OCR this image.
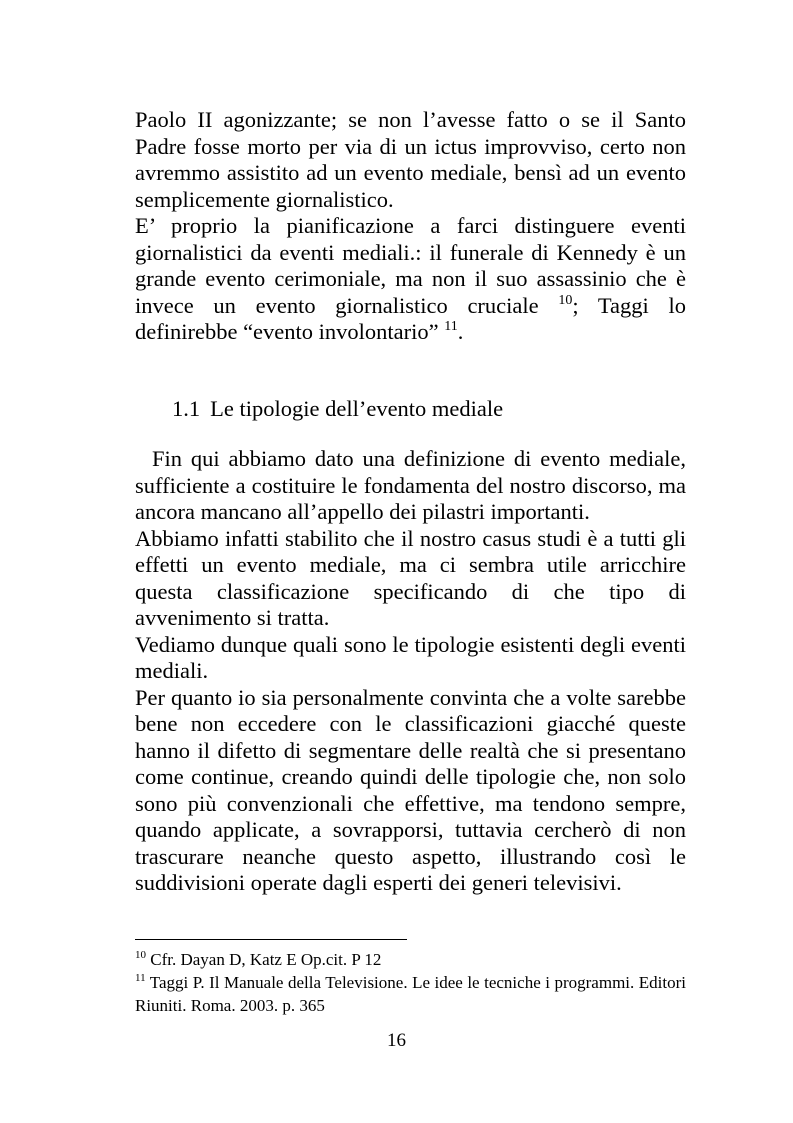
Paolo II agonizzante; se non l’avesse fatto o se il Santo Padre fosse morto per via di un ictus improvviso, certo non avremmo assistito ad un evento mediale, bensì ad un evento semplicemente giornalistico.

E’ proprio la pianificazione a farci distinguere eventi giornalistici da eventi mediali.: il funerale di Kennedy è un grande evento cerimoniale, ma non il suo assassinio che è invece un evento giornalistico cruciale $^{10}$; Taggi lo definirebbe “evento involontario” $^{11}$.

1.1 Le tipologie dell’evento mediale

Fin qui abbiamo dato una definizione di evento mediale, sufficiente a costituire le fondamenta del nostro discorso, ma ancora mancano all’appello dei pilastri importanti.

Abbiamo infatti stabilito che il nostro casus studi è a tutti gli effetti un evento mediale, ma ci sembra utile arricchire questa classificazione specificando di che tipo di avvenimento si tratta.

Vediamo dunque quali sono le tipologie esistenti degli eventi mediali.

Per quanto io sia personalmente convinta che a volte sarebbe bene non eccedere con le classificazioni giacché queste hanno il difetto di segmentare delle realtà che si presentano come continue, creando quindi delle tipologie che, non solo sono più convenzionali che effettive, ma tendono sempre, quando applicate, a sovrapporsi, tuttavia cercherò di non trascurare neanche questo aspetto, illustrando così le suddivisioni operate dagli esperti dei generi televisivi.

$^{10}$ Cfr. Dayan D, Katz E Op.cit. P 12

$^{11}$ Taggi P. Il Manuale della Televisione. Le idee le tecniche i programmi. Editori Riuniti. Roma. 2003. p. 365

16
